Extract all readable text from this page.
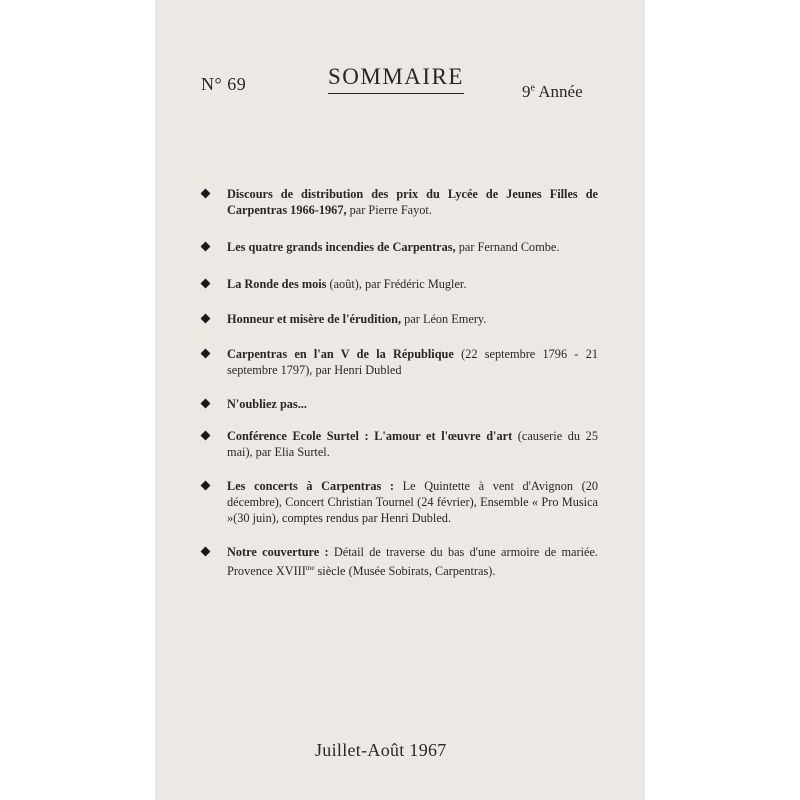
N° 69	SOMMAIRE
9e Année
Discours de distribution des prix du Lycée de Jeunes Filles de Carpentras 1966-1967, par Pierre Fayot.
Les quatre grands incendies de Carpentras, par Fernand Combe.
La Ronde des mois (août), par Frédéric Mugler.
Honneur et misère de l'érudition, par Léon Emery.
Carpentras en l'an V de la République (22 septembre 1796 - 21 septembre 1797), par Henri Dubled
N'oubliez pas...
Conférence Ecole Surtel : L'amour et l'œuvre d'art (causerie du 25 mai), par Elia Surtel.
Les concerts à Carpentras : Le Quintette à vent d'Avignon (20 décembre), Concert Christian Tournel (24 février), Ensemble « Pro Musica »(30 juin), comptes rendus par Henri Dubled.
Notre couverture : Détail de traverse du bas d'une armoire de mariée. Provence $XVIII^{me}$ siècle (Musée Sobirats, Carpentras).
Juillet-Août 1967
